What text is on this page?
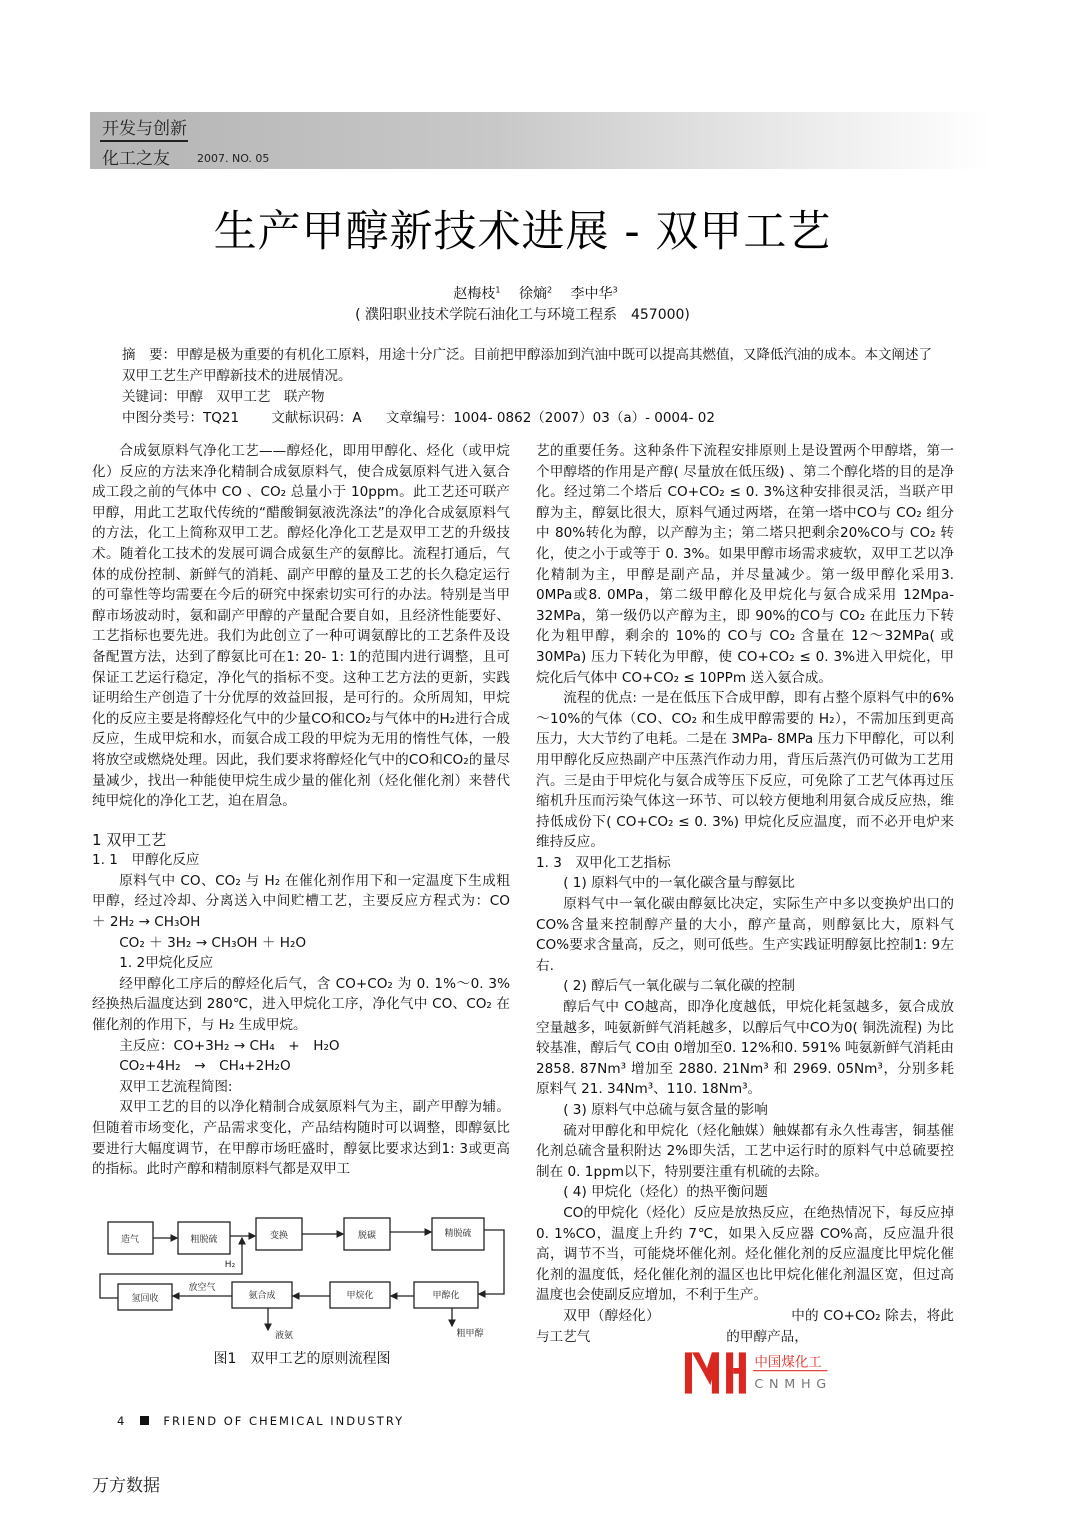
开发与创新
化工之友 2007. NO. 05
生产甲醇新技术进展 - 双甲工艺
赵梅枝$^1$  徐熵$^2$  李中华$^3$
( 濮阳职业技术学院石油化工与环境工程系　457000)
摘　要：甲醇是极为重要的有机化工原料，用途十分广泛。目前把甲醇添加到汽油中既可以提高其燃值，又降低汽油的成本。本文阐述了双甲工艺生产甲醇新技术的进展情况。
关键词：甲醇　双甲工艺　联产物
中图分类号：TQ21 文献标识码：A 文章编号：1004- 0862（2007）03（a）- 0004- 02

合成氨原料气净化工艺——醇烃化，即用甲醇化、烃化（或甲烷化）反应的方法来净化精制合成氨原料气，使合成氨原料气进入氨合成工段之前的气体中 CO 、CO₂ 总量小于 10ppm。此工艺还可联产甲醇，用此工艺取代传统的“醋酸铜氨液洗涤法”的净化合成氨原料气的方法，化工上简称双甲工艺。醇烃化净化工艺是双甲工艺的升级技术。随着化工技术的发展可调合成氨生产的氨醇比。流程打通后，气体的成份控制、新鲜气的消耗、副产甲醇的量及工艺的长久稳定运行的可靠性等均需要在今后的研究中探索切实可行的办法。特别是当甲醇市场波动时，氨和副产甲醇的产量配合要自如，且经济性能要好、工艺指标也要先进。我们为此创立了一种可调氨醇比的工艺条件及设备配置方法，达到了醇氨比可在1: 20- 1: 1的范围内进行调整，且可保证工艺运行稳定，净化气的指标不变。这种工艺方法的更新，实践证明给生产创造了十分优厚的效益回报，是可行的。众所周知，甲烷化的反应主要是将醇烃化气中的少量CO和CO₂与气体中的H₂进行合成反应，生成甲烷和水，而氨合成工段的甲烷为无用的惰性气体，一般将放空或燃烧处理。因此，我们要求将醇烃化气中的CO和CO₂的量尽量减少，找出一种能使甲烷生成少量的催化剂（烃化催化剂）来替代纯甲烷化的净化工艺，迫在眉急。

1 双甲工艺

1. 1　甲醇化反应

原料气中 CO、CO₂ 与 H₂ 在催化剂作用下和一定温度下生成粗甲醇，经过冷却、分离送入中间贮槽工艺，主要反应方程式为：CO ＋ 2H₂ → CH₃OH

CO₂ ＋ 3H₂ → CH₃OH ＋ H₂O

1. 2甲烷化反应

经甲醇化工序后的醇烃化后气，含 CO+CO₂ 为 0. 1%～0. 3% 经换热后温度达到 280℃，进入甲烷化工序，净化气中 CO、CO₂ 在催化剂的作用下，与 H₂ 生成甲烷。

主反应：CO+3H₂ → CH₄　+　H₂O

CO₂+4H₂　→　CH₄+2H₂O

双甲工艺流程简图:

双甲工艺的目的以净化精制合成氨原料气为主，副产甲醇为辅。但随着市场变化，产品需求变化，产品结构随时可以调整，即醇氨比要进行大幅度调节，在甲醇市场旺盛时，醇氨比要求达到1: 3或更高的指标。此时产醇和精制原料气都是双甲工

造气	粗脱硫	变换	脱碳	精脱硫
氢回收	氨合成	甲烷化	甲醇化
H₂
放空气
液氨	粗甲醇
图1　双甲工艺的原则流程图

艺的重要任务。这种条件下流程安排原则上是设置两个甲醇塔，第一个甲醇塔的作用是产醇( 尽量放在低压级) 、第二个醇化塔的目的是净化。经过第二个塔后 CO+CO₂ ≤ 0. 3%这种安排很灵活，当联产甲醇为主，醇氨比很大，原料气通过两塔，在第一塔中CO与 CO₂ 组分中 80%转化为醇，以产醇为主；第二塔只把剩余20%CO与 CO₂ 转化，使之小于或等于 0. 3%。如果甲醇市场需求疲软，双甲工艺以净化精制为主，甲醇是副产品，并尽量减少。第一级甲醇化采用3. 0MPa或8. 0MPa，第二级甲醇化及甲烷化与氨合成采用 12Mpa- 32MPa，第一级仍以产醇为主，即 90%的CO与 CO₂ 在此压力下转化为粗甲醇，剩余的 10%的 CO与 CO₂ 含量在 12～32MPa( 或 30MPa) 压力下转化为甲醇，使 CO+CO₂ ≤ 0. 3%进入甲烷化，甲烷化后气体中 CO+CO₂ ≤ 10PPm 送入氨合成。

流程的优点: 一是在低压下合成甲醇，即有占整个原料气中的6%～10%的气体（CO、CO₂ 和生成甲醇需要的 H₂），不需加压到更高压力，大大节约了电耗。二是在 3MPa- 8MPa 压力下甲醇化，可以利用甲醇化反应热副产中压蒸汽作动力用，背压后蒸汽仍可做为工艺用汽。三是由于甲烷化与氨合成等压下反应，可免除了工艺气体再过压缩机升压而污染气体这一环节、可以较方便地利用氨合成反应热，维持低成份下( CO+CO₂ ≤ 0. 3%) 甲烷化反应温度，而不必开电炉来维持反应。

1. 3　双甲化工艺指标

( 1) 原料气中的一氧化碳含量与醇氨比

原料气中一氧化碳由醇氨比决定，实际生产中多以变换炉出口的CO%含量来控制醇产量的大小，醇产量高，则醇氨比大，原料气CO%要求含量高，反之，则可低些。生产实践证明醇氨比控制1: 9左右.

( 2) 醇后气一氧化碳与二氧化碳的控制

醇后气中 CO越高，即净化度越低，甲烷化耗氢越多，氨合成放空量越多，吨氨新鲜气消耗越多，以醇后气中CO为0( 铜洗流程) 为比较基准，醇后气 CO由 0增加至0. 12%和0. 591% 吨氨新鲜气消耗由 2858. 87Nm³ 增加至 2880. 21Nm³ 和 2969. 05Nm³，分别多耗原料气 21. 34Nm³、110. 18Nm³。

( 3) 原料气中总硫与氨含量的影响

硫对甲醇化和甲烷化（烃化触媒）触媒都有永久性毒害，铜基催化剂总硫含量积附达 2%即失活，工艺中运行时的原料气中总硫要控制在 0. 1ppm以下，特别要注重有机硫的去除。

( 4) 甲烷化（烃化）的热平衡问题

CO的甲烷化（烃化）反应是放热反应，在绝热情况下，每反应掉 0. 1%CO，温度上升约 7℃，如果入反应器 CO%高，反应温升很高，调节不当，可能烧坏催化剂。烃化催化剂的反应温度比甲烷化催化剂的温度低，烃化催化剂的温区也比甲烷化催化剂温区宽，但过高温度也会使副反应增加，不利于生产。

双甲（醇烃化）　　　　　　　　　　中的 CO+CO₂ 除去，将此与工艺气　　　　　　　　　　的甲醇产品，

中国煤化工
CNMHG
4	FRIEND OF CHEMICAL INDUSTRY
万方数据
